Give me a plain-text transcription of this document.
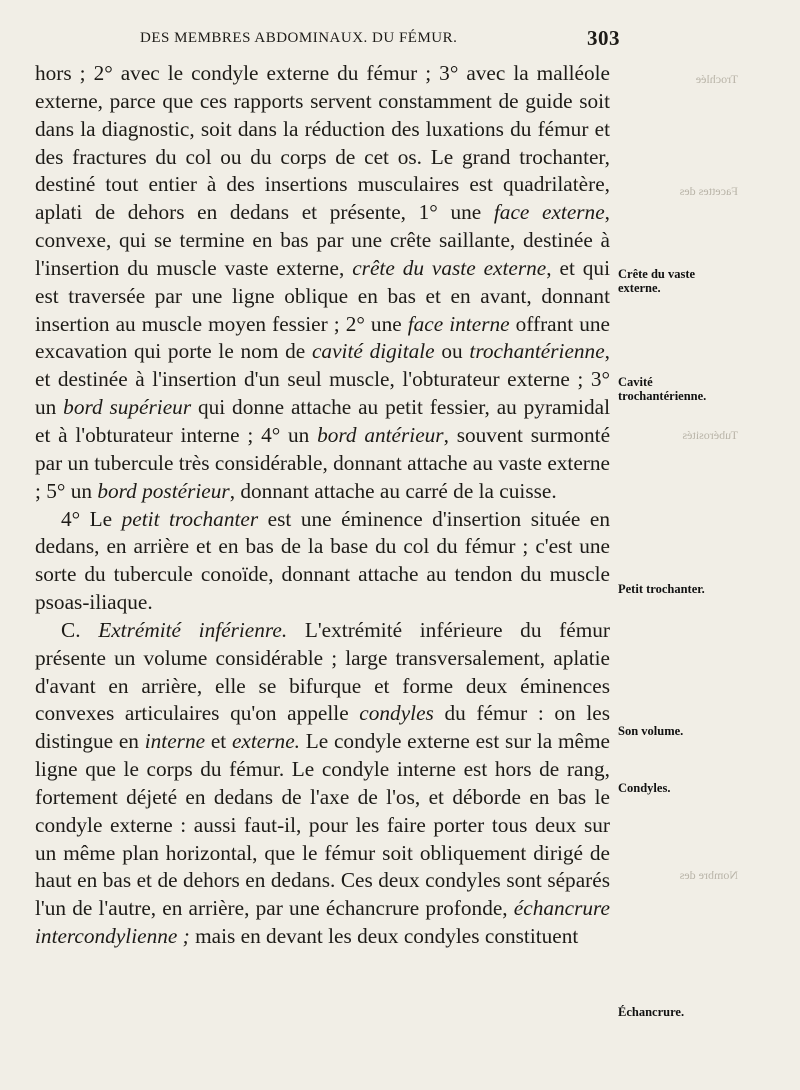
DES MEMBRES ABDOMINAUX. DU FÉMUR.	303
Trochlée
Facettes des
Tubérosités
Nombre des

hors ; 2° avec le condyle externe du fémur ; 3° avec la malléole externe, parce que ces rapports servent constamment de guide soit dans la diagnostic, soit dans la réduction des luxations du fémur et des fractures du col ou du corps de cet os. Le grand trochanter, destiné tout entier à des insertions musculaires est quadrilatère, aplati de dehors en dedans et présente, 1° une face externe, convexe, qui se termine en bas par une crête saillante, destinée à l'insertion du muscle vaste externe, crête du vaste externe, et qui est traversée par une ligne oblique en bas et en avant, donnant insertion au muscle moyen fessier ; 2° une face interne offrant une excavation qui porte le nom de cavité digitale ou trochantérienne, et destinée à l'insertion d'un seul muscle, l'obturateur externe ; 3° un bord supérieur qui donne attache au petit fessier, au pyramidal et à l'obturateur interne ; 4° un bord antérieur, souvent surmonté par un tubercule très considérable, donnant attache au vaste externe ; 5° un bord postérieur, donnant attache au carré de la cuisse.

4° Le petit trochanter est une éminence d'insertion située en dedans, en arrière et en bas de la base du col du fémur ; c'est une sorte du tubercule conoïde, donnant attache au tendon du muscle psoas-iliaque.

C. Extrémité inférienre. L'extrémité inférieure du fémur présente un volume considérable ; large transversalement, aplatie d'avant en arrière, elle se bifurque et forme deux éminences convexes articulaires qu'on appelle condyles du fémur : on les distingue en interne et externe. Le condyle externe est sur la même ligne que le corps du fémur. Le condyle interne est hors de rang, fortement déjeté en dedans de l'axe de l'os, et déborde en bas le condyle externe : aussi faut-il, pour les faire porter tous deux sur un même plan horizontal, que le fémur soit obliquement dirigé de haut en bas et de dehors en dedans. Ces deux condyles sont séparés l'un de l'autre, en arrière, par une échancrure profonde, échancrure intercondylienne ; mais en devant les deux condyles constituent

Crête du vaste externe.
Cavité trochantérienne.
Petit trochanter.
Son volume.
Condyles.
Échancrure.
